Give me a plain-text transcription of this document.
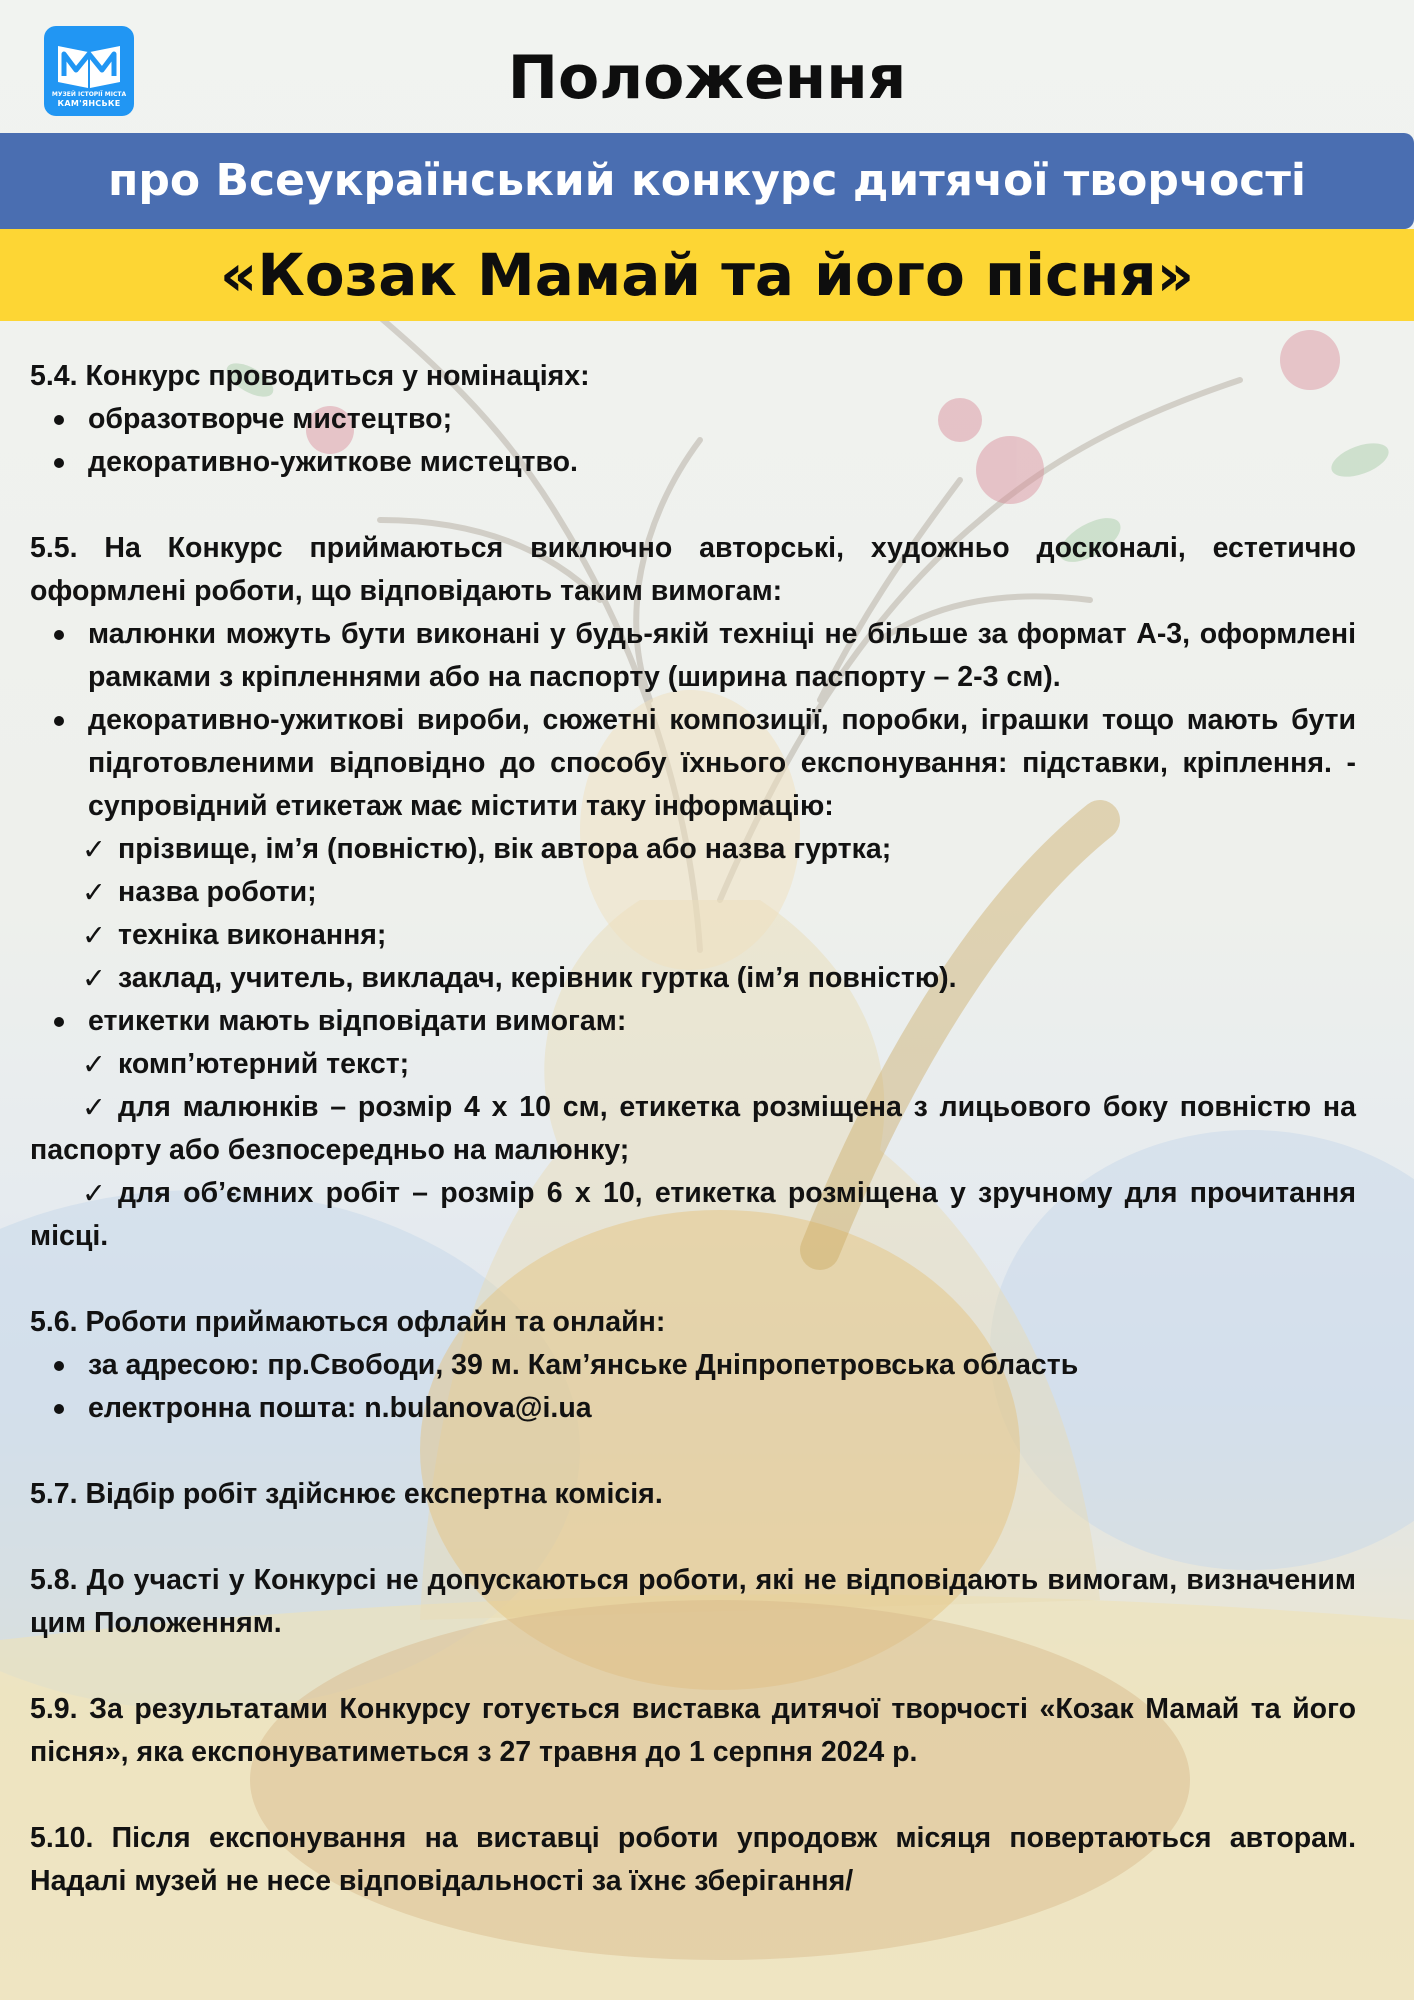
МУЗЕЙ ІСТОРІЇ МІСТА
КАМ'ЯНСЬКЕ	Положення
про Всеукраїнський конкурс дитячої творчості
«Козак Мамай та його пісня»

5.4. Конкурс проводиться у номінаціях:

образотворче мистецтво;

декоративно-ужиткове мистецтво.

5.5. На Конкурс приймаються виключно авторські, художньо досконалі, естетично оформлені роботи, що відповідають таким вимогам:

малюнки можуть бути виконані у будь-якій техніці не більше за формат А-3, оформлені рамками з кріпленнями або на паспорту (ширина паспорту – 2-3 см).

декоративно-ужиткові вироби, сюжетні композиції, поробки, іграшки тощо мають бути підготовленими відповідно до способу їхнього експонування: підставки, кріплення. - супровідний етикетаж має містити таку інформацію:

✓ прізвище, ім’я (повністю), вік автора або назва гуртка;

✓ назва роботи;

✓ техніка виконання;

✓ заклад, учитель, викладач, керівник гуртка (ім’я повністю).

етикетки мають відповідати вимогам:

✓ комп’ютерний текст;

✓ для малюнків – розмір 4 х 10 см, етикетка розміщена з лицьового боку повністю на паспорту або безпосередньо на малюнку;

✓ для об’ємних робіт – розмір 6 х 10, етикетка розміщена у зручному для прочитання місці.

5.6. Роботи приймаються офлайн та онлайн:

за адресою: пр.Свободи, 39 м. Кам’янське Дніпропетровська область

електронна пошта: n.bulanova@i.ua

5.7. Відбір робіт здійснює експертна комісія.

5.8. До участі у Конкурсі не допускаються роботи, які не відповідають вимогам, визначеним цим Положенням.

5.9. За результатами Конкурсу готується виставка дитячої творчості «Козак Мамай та його пісня», яка експонуватиметься з 27 травня до 1 серпня 2024 р.

5.10. Після експонування на виставці роботи упродовж місяця повертаються авторам. Надалі музей не несе відповідальності за їхнє зберігання/
